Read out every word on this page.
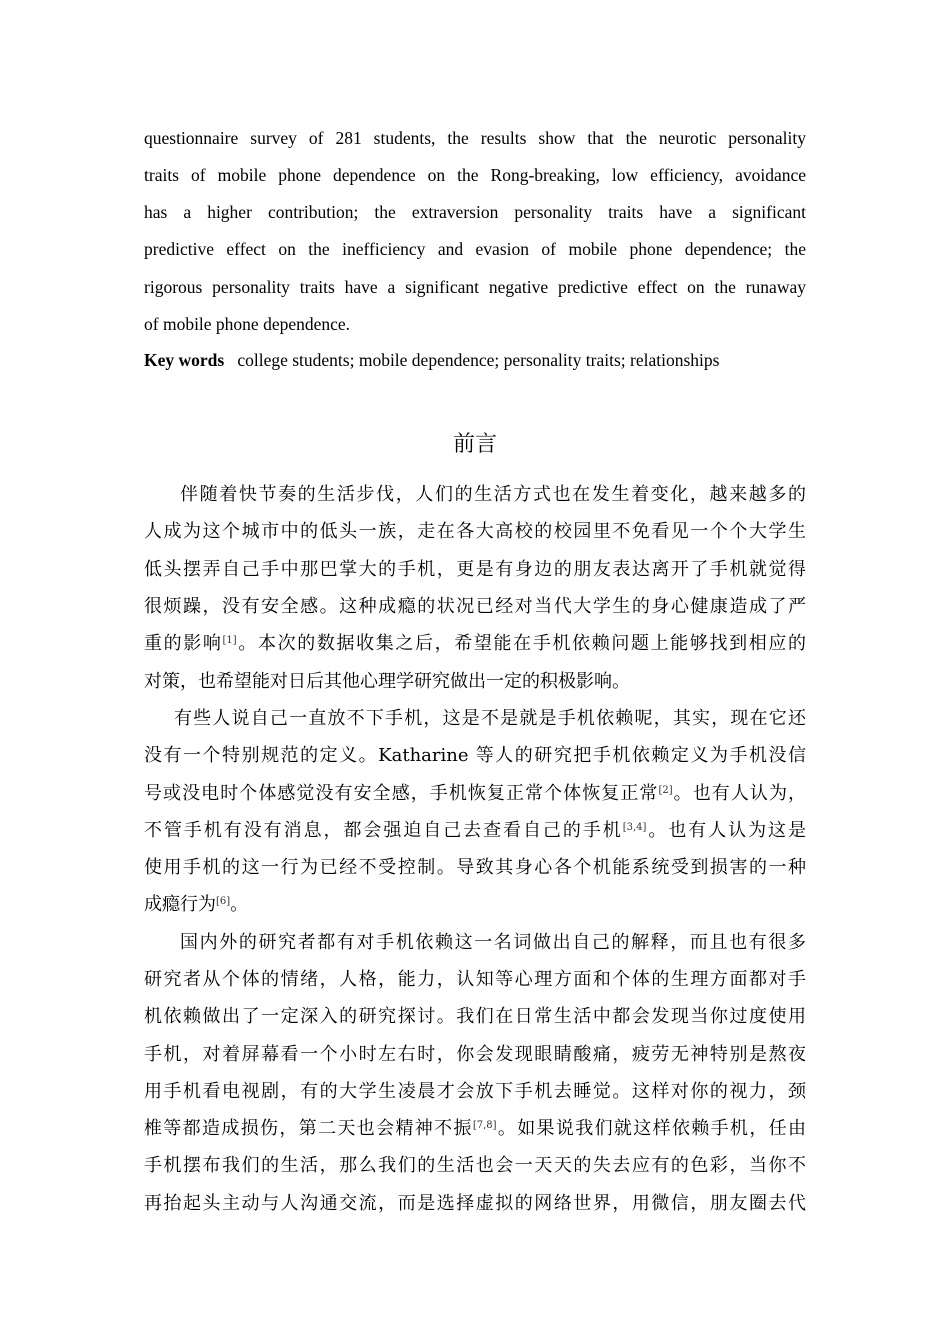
questionnaire survey of 281 students, the results show that the neurotic personality
traits of mobile phone dependence on the Rong-breaking, low efficiency, avoidance
has a higher contribution; the extraversion personality traits have a significant
predictive effect on the inefficiency and evasion of mobile phone dependence; the
rigorous personality traits have a significant negative predictive effect on the runaway
of mobile phone dependence.
Key words college students; mobile dependence; personality traits; relationships
前言
伴随着快节奏的生活步伐，人们的生活方式也在发生着变化，越来越多的
人成为这个城市中的低头一族，走在各大高校的校园里不免看见一个个大学生
低头摆弄自己手中那巴掌大的手机，更是有身边的朋友表达离开了手机就觉得
很烦躁，没有安全感。这种成瘾的状况已经对当代大学生的身心健康造成了严
重的影响[1]。本次的数据收集之后，希望能在手机依赖问题上能够找到相应的
对策，也希望能对日后其他心理学研究做出一定的积极影响。
有些人说自己一直放不下手机，这是不是就是手机依赖呢，其实，现在它还
没有一个特别规范的定义。Katharine 等人的研究把手机依赖定义为手机没信
号或没电时个体感觉没有安全感，手机恢复正常个体恢复正常[2]。也有人认为，
不管手机有没有消息，都会强迫自己去查看自己的手机[3,4]。也有人认为这是
使用手机的这一行为已经不受控制。导致其身心各个机能系统受到损害的一种
成瘾行为[6]。
国内外的研究者都有对手机依赖这一名词做出自己的解释，而且也有很多
研究者从个体的情绪，人格，能力，认知等心理方面和个体的生理方面都对手
机依赖做出了一定深入的研究探讨。我们在日常生活中都会发现当你过度使用
手机，对着屏幕看一个小时左右时，你会发现眼睛酸痛，疲劳无神特别是熬夜
用手机看电视剧，有的大学生凌晨才会放下手机去睡觉。这样对你的视力，颈
椎等都造成损伤，第二天也会精神不振[7,8]。如果说我们就这样依赖手机，任由
手机摆布我们的生活，那么我们的生活也会一天天的失去应有的色彩，当你不
再抬起头主动与人沟通交流，而是选择虚拟的网络世界，用微信，朋友圈去代
